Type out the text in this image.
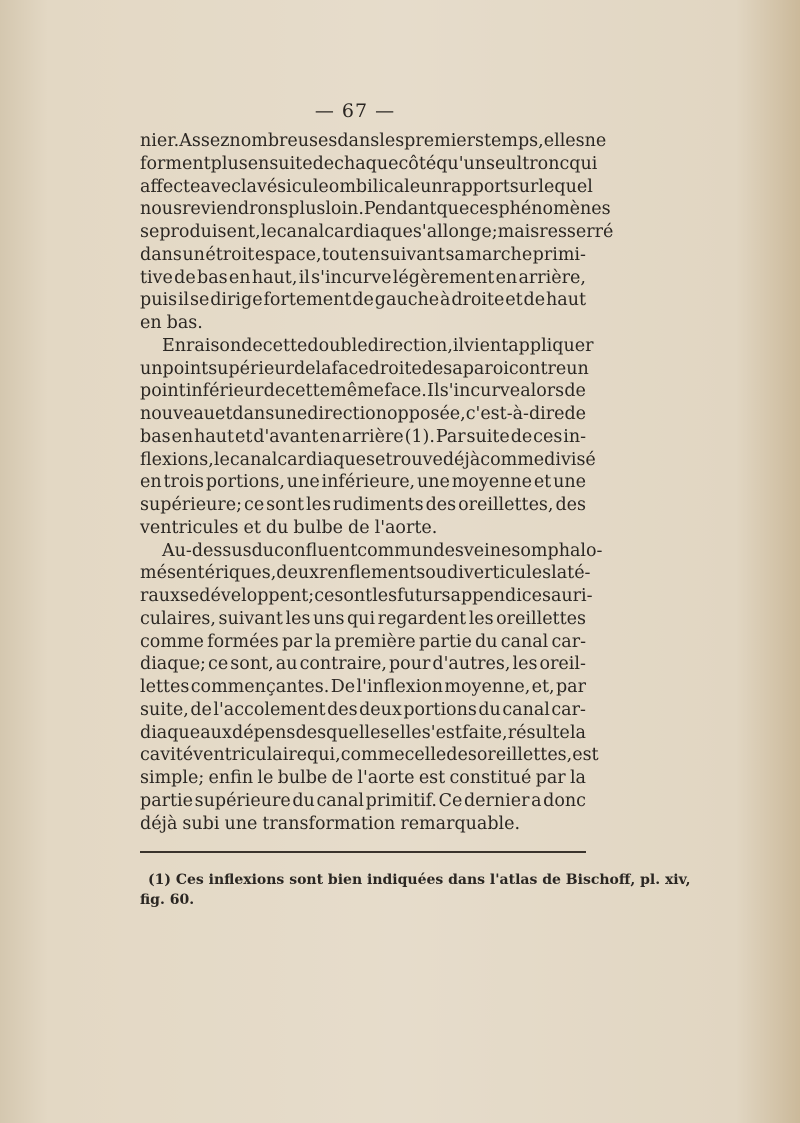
— 67 —
nier. Assez nombreuses dans les premiers temps, elles ne
forment plus ensuite de chaque côté qu'un seul tronc qui
affecte avec la vésicule ombilicale un rapport sur lequel
nous reviendrons plus loin. Pendant que ces phénomènes
se produisent, le canal cardiaque s'allonge; mais resserré
dans un étroit espace, tout en suivant sa marche primi-
tive de bas en haut, il s'incurve légèrement en arrière,
puis il se dirige fortement de gauche à droite et de haut
en bas.
En raison de cette double direction, il vient appliquer
un point supérieur de la face droite de sa paroi contre un
point inférieur de cette même face. Il s'incurve alors de
nouveau et dans une direction opposée, c'est-à-dire de
bas en haut et d'avant en arrière (1). Par suite de ces in-
flexions, le canal cardiaque se trouve déjà comme divisé
en trois portions, une inférieure, une moyenne et une
supérieure; ce sont les rudiments des oreillettes, des
ventricules et du bulbe de l'aorte.
Au-dessus du confluent commun des veines omphalo-
mésentériques, deux renflements ou diverticules laté-
raux se développent; ce sont les futurs appendices auri-
culaires, suivant les uns qui regardent les oreillettes
comme formées par la première partie du canal car-
diaque; ce sont, au contraire, pour d'autres, les oreil-
lettes commençantes. De l'inflexion moyenne, et, par
suite, de l'accolement des deux portions du canal car-
diaque aux dépens desquelles elle s'est faite, résulte la
cavité ventriculaire qui, comme celle des oreillettes, est
simple; enfin le bulbe de l'aorte est constitué par la
partie supérieure du canal primitif. Ce dernier a donc
déjà subi une transformation remarquable.
(1) Ces inflexions sont bien indiquées dans l'atlas de Bischoff, pl. xiv,
fig. 60.
